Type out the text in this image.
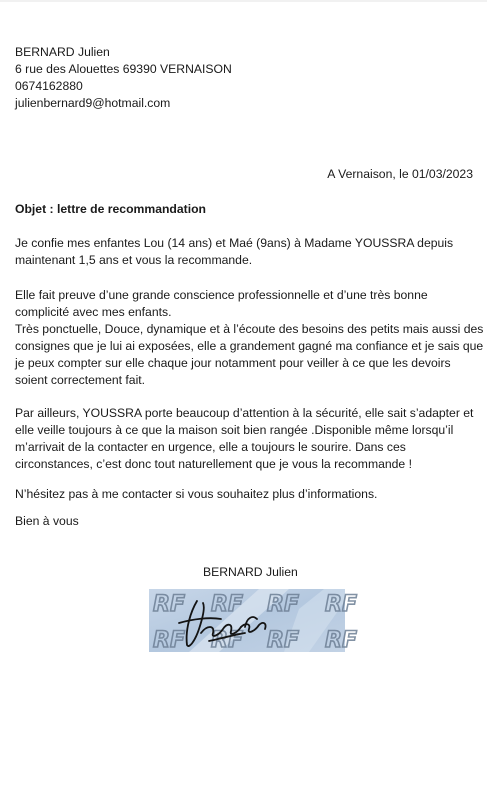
BERNARD Julien
6 rue des Alouettes 69390 VERNAISON
0674162880
julienbernard9@hotmail.com
A Vernaison, le 01/03/2023
Objet : lettre de recommandation
Je confie mes enfantes Lou (14 ans) et Maé (9ans) à Madame YOUSSRA depuis
maintenant 1,5 ans et vous la recommande.
Elle fait preuve d’une grande conscience professionnelle et d’une très bonne
complicité avec mes enfants.
Très ponctuelle, Douce, dynamique et à l’écoute des besoins des petits mais aussi des
consignes que je lui ai exposées, elle a grandement gagné ma confiance et je sais que
je peux compter sur elle chaque jour notamment pour veiller à ce que les devoirs
soient correctement fait.
Par ailleurs, YOUSSRA porte beaucoup d’attention à la sécurité, elle sait s’adapter et
elle veille toujours à ce que la maison soit bien rangée .Disponible même lorsqu’il
m’arrivait de la contacter en urgence, elle a toujours le sourire. Dans ces
circonstances, c’est donc tout naturellement que je vous la recommande !
N’hésitez pas à me contacter si vous souhaitez plus d’informations.
Bien à vous
BERNARD Julien
RF RF RF RF
RF RF RF RF
